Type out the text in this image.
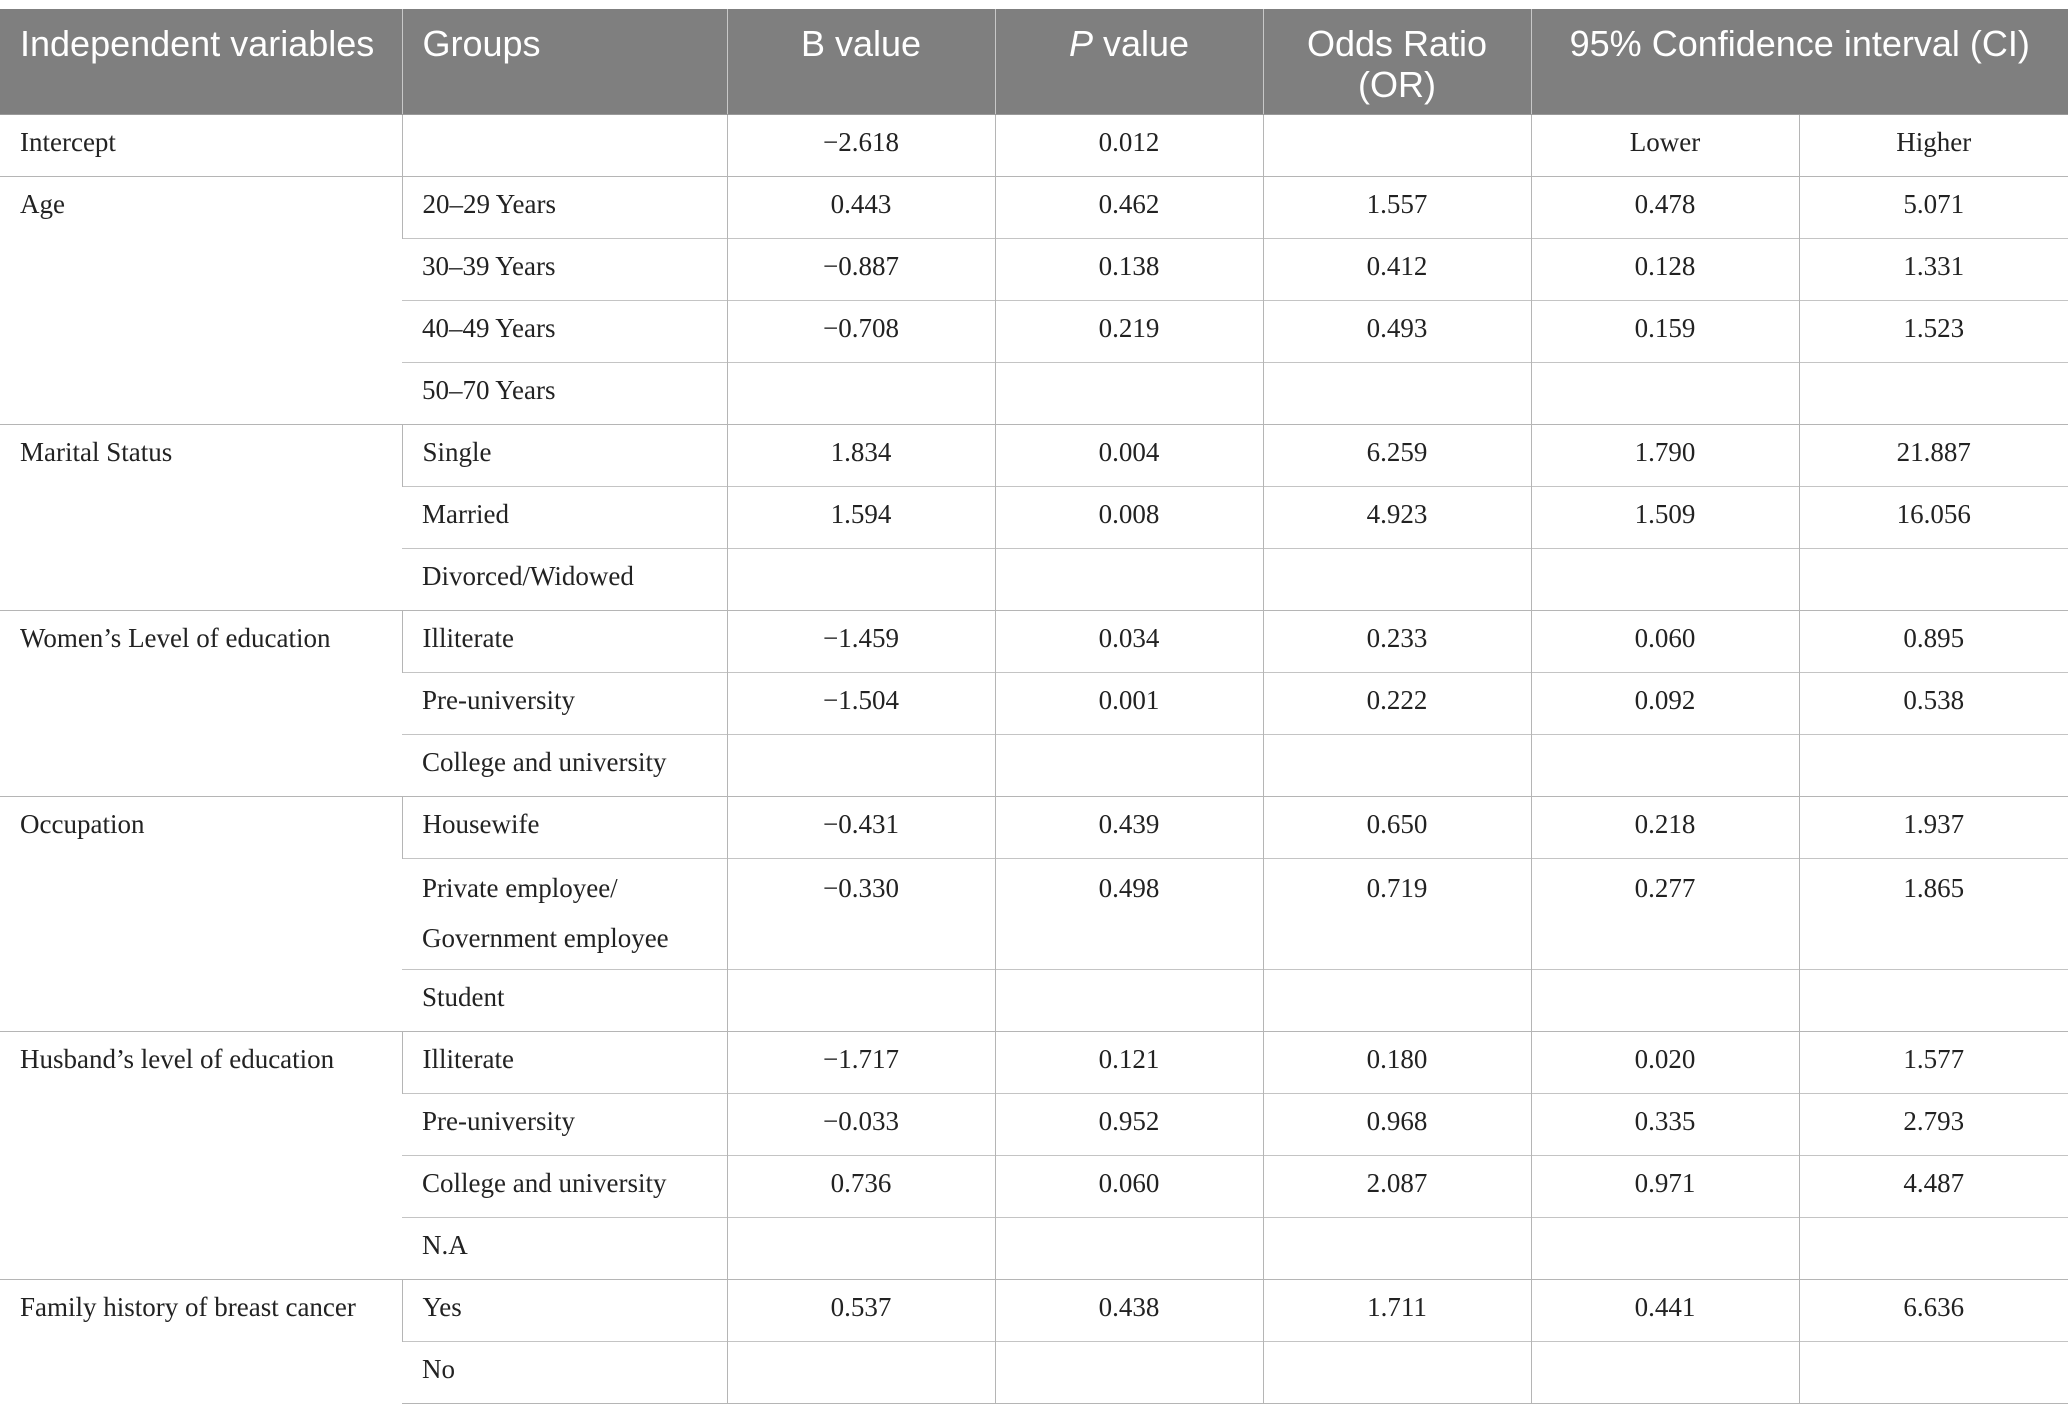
Independent variables	Groups	B value	P value	Odds Ratio (OR)	95% Confidence interval (CI)	
Intercept		−2.618	0.012		Lower	Higher
Age	20–29 Years	0.443	0.462	1.557	0.478	5.071
	30–39 Years	−0.887	0.138	0.412	0.128	1.331
	40–49 Years	−0.708	0.219	0.493	0.159	1.523
	50–70 Years					
Marital Status	Single	1.834	0.004	6.259	1.790	21.887
	Married	1.594	0.008	4.923	1.509	16.056
	Divorced/Widowed					
Women’s Level of education	Illiterate	−1.459	0.034	0.233	0.060	0.895
	Pre-university	−1.504	0.001	0.222	0.092	0.538
	College and university					
Occupation	Housewife	−0.431	0.439	0.650	0.218	1.937
	Private employee/ Government employee	−0.330	0.498	0.719	0.277	1.865
	Student					
Husband’s level of education	Illiterate	−1.717	0.121	0.180	0.020	1.577
	Pre-university	−0.033	0.952	0.968	0.335	2.793
	College and university	0.736	0.060	2.087	0.971	4.487
	N.A					
Family history of breast cancer	Yes	0.537	0.438	1.711	0.441	6.636
	No					
